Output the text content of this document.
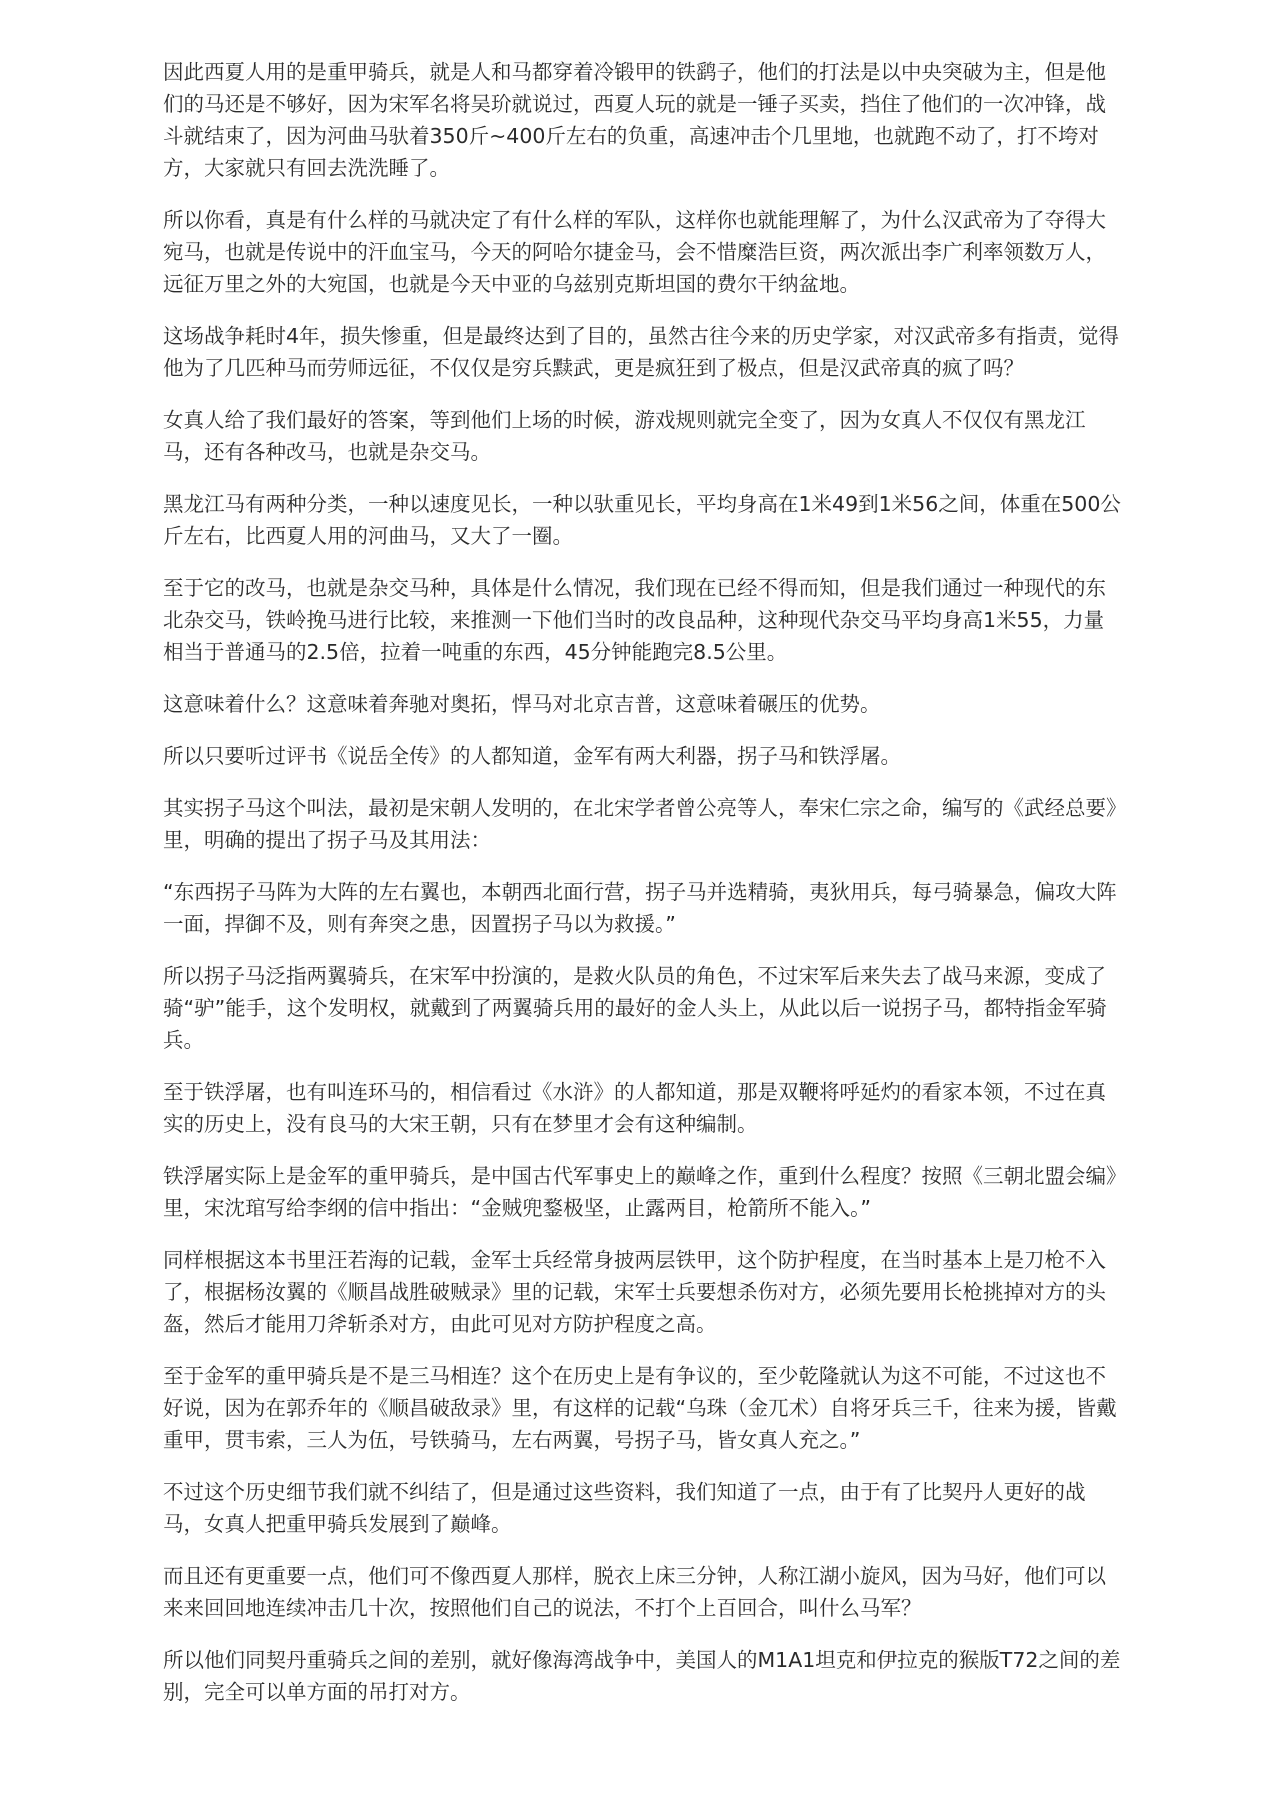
因此西夏人用的是重甲骑兵，就是人和马都穿着冷锻甲的铁鹞子，他们的打法是以中央突破为主，但是他们的马还是不够好，因为宋军名将吴玠就说过，西夏人玩的就是一锤子买卖，挡住了他们的一次冲锋，战斗就结束了，因为河曲马驮着350斤~400斤左右的负重，高速冲击个几里地，也就跑不动了，打不垮对方，大家就只有回去洗洗睡了。

所以你看，真是有什么样的马就决定了有什么样的军队，这样你也就能理解了，为什么汉武帝为了夺得大宛马，也就是传说中的汗血宝马，今天的阿哈尔捷金马，会不惜糜浩巨资，两次派出李广利率领数万人，远征万里之外的大宛国，也就是今天中亚的乌兹别克斯坦国的费尔干纳盆地。

这场战争耗时4年，损失惨重，但是最终达到了目的，虽然古往今来的历史学家，对汉武帝多有指责，觉得他为了几匹种马而劳师远征，不仅仅是穷兵黩武，更是疯狂到了极点，但是汉武帝真的疯了吗？

女真人给了我们最好的答案，等到他们上场的时候，游戏规则就完全变了，因为女真人不仅仅有黑龙江马，还有各种改马，也就是杂交马。

黑龙江马有两种分类，一种以速度见长，一种以驮重见长，平均身高在1米49到1米56之间，体重在500公斤左右，比西夏人用的河曲马，又大了一圈。

至于它的改马，也就是杂交马种，具体是什么情况，我们现在已经不得而知，但是我们通过一种现代的东北杂交马，铁岭挽马进行比较，来推测一下他们当时的改良品种，这种现代杂交马平均身高1米55，力量相当于普通马的2.5倍，拉着一吨重的东西，45分钟能跑完8.5公里。

这意味着什么？这意味着奔驰对奥拓，悍马对北京吉普，这意味着碾压的优势。

所以只要听过评书《说岳全传》的人都知道，金军有两大利器，拐子马和铁浮屠。

其实拐子马这个叫法，最初是宋朝人发明的，在北宋学者曾公亮等人，奉宋仁宗之命，编写的《武经总要》里，明确的提出了拐子马及其用法：

“东西拐子马阵为大阵的左右翼也，本朝西北面行营，拐子马并选精骑，夷狄用兵，每弓骑暴急，偏攻大阵一面，捍御不及，则有奔突之患，因置拐子马以为救援。”

所以拐子马泛指两翼骑兵，在宋军中扮演的，是救火队员的角色，不过宋军后来失去了战马来源，变成了骑“驴”能手，这个发明权，就戴到了两翼骑兵用的最好的金人头上，从此以后一说拐子马，都特指金军骑兵。

至于铁浮屠，也有叫连环马的，相信看过《水浒》的人都知道，那是双鞭将呼延灼的看家本领，不过在真实的历史上，没有良马的大宋王朝，只有在梦里才会有这种编制。

铁浮屠实际上是金军的重甲骑兵，是中国古代军事史上的巅峰之作，重到什么程度？按照《三朝北盟会编》里，宋沈琯写给李纲的信中指出：“金贼兜鍪极坚，止露两目，枪箭所不能入。”

同样根据这本书里汪若海的记载，金军士兵经常身披两层铁甲，这个防护程度，在当时基本上是刀枪不入了，根据杨汝翼的《顺昌战胜破贼录》里的记载，宋军士兵要想杀伤对方，必须先要用长枪挑掉对方的头盔，然后才能用刀斧斩杀对方，由此可见对方防护程度之高。

至于金军的重甲骑兵是不是三马相连？这个在历史上是有争议的，至少乾隆就认为这不可能，不过这也不好说，因为在郭乔年的《顺昌破敌录》里，有这样的记载“乌珠（金兀术）自将牙兵三千，往来为援，皆戴重甲，贯韦索，三人为伍，号铁骑马，左右两翼，号拐子马，皆女真人充之。”

不过这个历史细节我们就不纠结了，但是通过这些资料，我们知道了一点，由于有了比契丹人更好的战马，女真人把重甲骑兵发展到了巅峰。

而且还有更重要一点，他们可不像西夏人那样，脱衣上床三分钟，人称江湖小旋风，因为马好，他们可以来来回回地连续冲击几十次，按照他们自己的说法，不打个上百回合，叫什么马军？

所以他们同契丹重骑兵之间的差别，就好像海湾战争中，美国人的M1A1坦克和伊拉克的猴版T72之间的差别，完全可以单方面的吊打对方。
